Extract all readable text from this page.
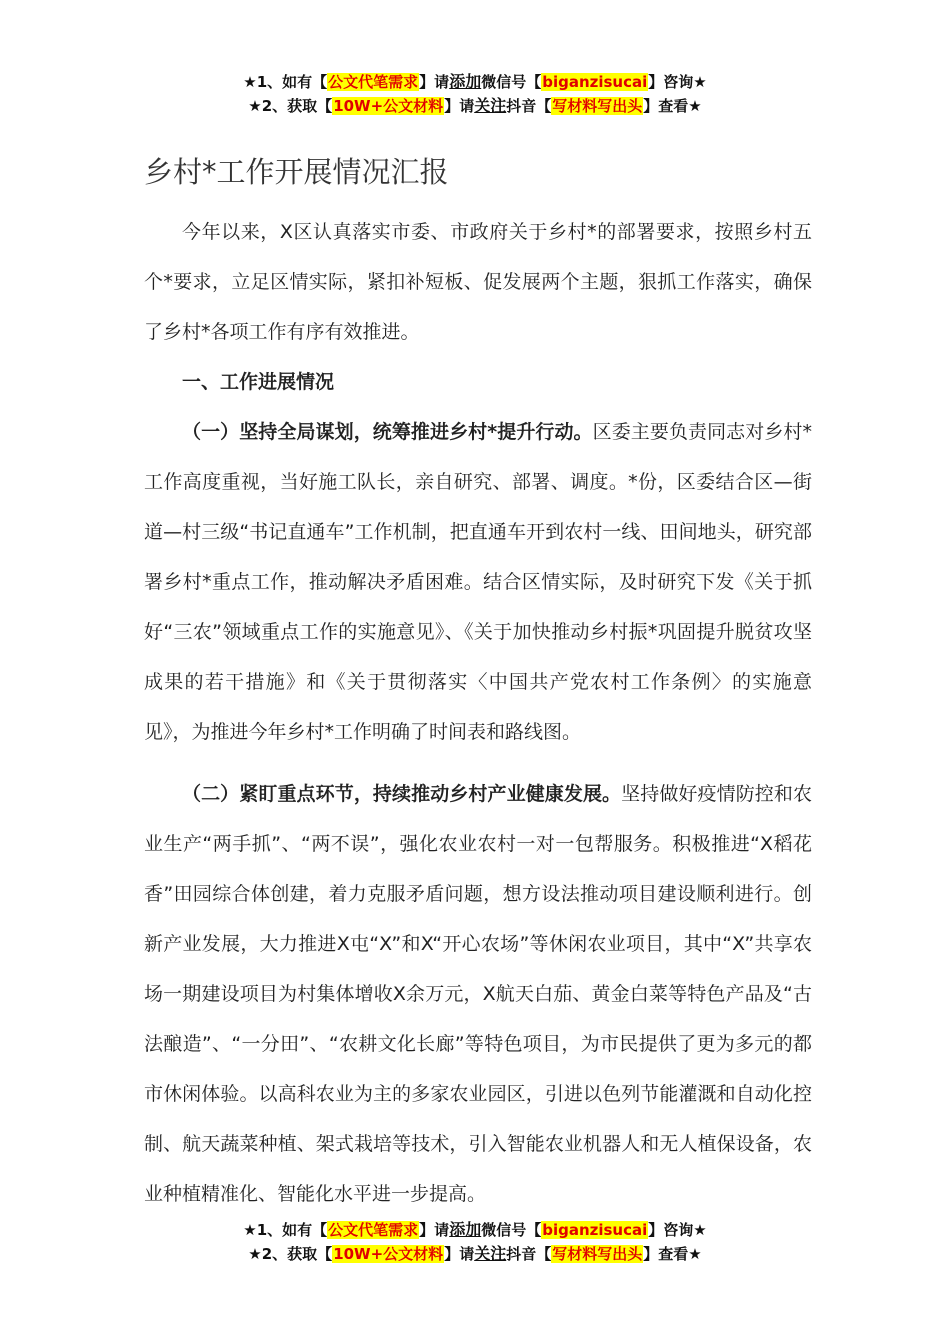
★1、如有【公文代笔需求】请添加微信号【biganzisucai】咨询★
★2、获取【10W+公文材料】请关注抖音【写材料写出头】查看★
乡村*工作开展情况汇报

今年以来，X区认真落实市委、市政府关于乡村*的部署要求，按照乡村五个*要求，立足区情实际，紧扣补短板、促发展两个主题，狠抓工作落实，确保了乡村*各项工作有序有效推进。

一、工作进展情况

（一）坚持全局谋划，统筹推进乡村*提升行动。区委主要负责同志对乡村*工作高度重视，当好施工队长，亲自研究、部署、调度。*份，区委结合区—街道—村三级“书记直通车”工作机制，把直通车开到农村一线、田间地头，研究部署乡村*重点工作，推动解决矛盾困难。结合区情实际，及时研究下发《关于抓好“三农”领域重点工作的实施意见》、《关于加快推动乡村振*巩固提升脱贫攻坚成果的若干措施》和《关于贯彻落实〈中国共产党农村工作条例〉的实施意见》，为推进今年乡村*工作明确了时间表和路线图。

（二）紧盯重点环节，持续推动乡村产业健康发展。坚持做好疫情防控和农业生产“两手抓”、“两不误”，强化农业农村一对一包帮服务。积极推进“X稻花香”田园综合体创建，着力克服矛盾问题，想方设法推动项目建设顺利进行。创新产业发展，大力推进X屯“X”和X“开心农场”等休闲农业项目，其中“X”共享农场一期建设项目为村集体增收X余万元，X航天白茄、黄金白菜等特色产品及“古法酿造”、“一分田”、“农耕文化长廊”等特色项目，为市民提供了更为多元的都市休闲体验。以高科农业为主的多家农业园区，引进以色列节能灌溉和自动化控制、航天蔬菜种植、架式栽培等技术，引入智能农业机器人和无人植保设备，农业种植精准化、智能化水平进一步提高。

★1、如有【公文代笔需求】请添加微信号【biganzisucai】咨询★
★2、获取【10W+公文材料】请关注抖音【写材料写出头】查看★
